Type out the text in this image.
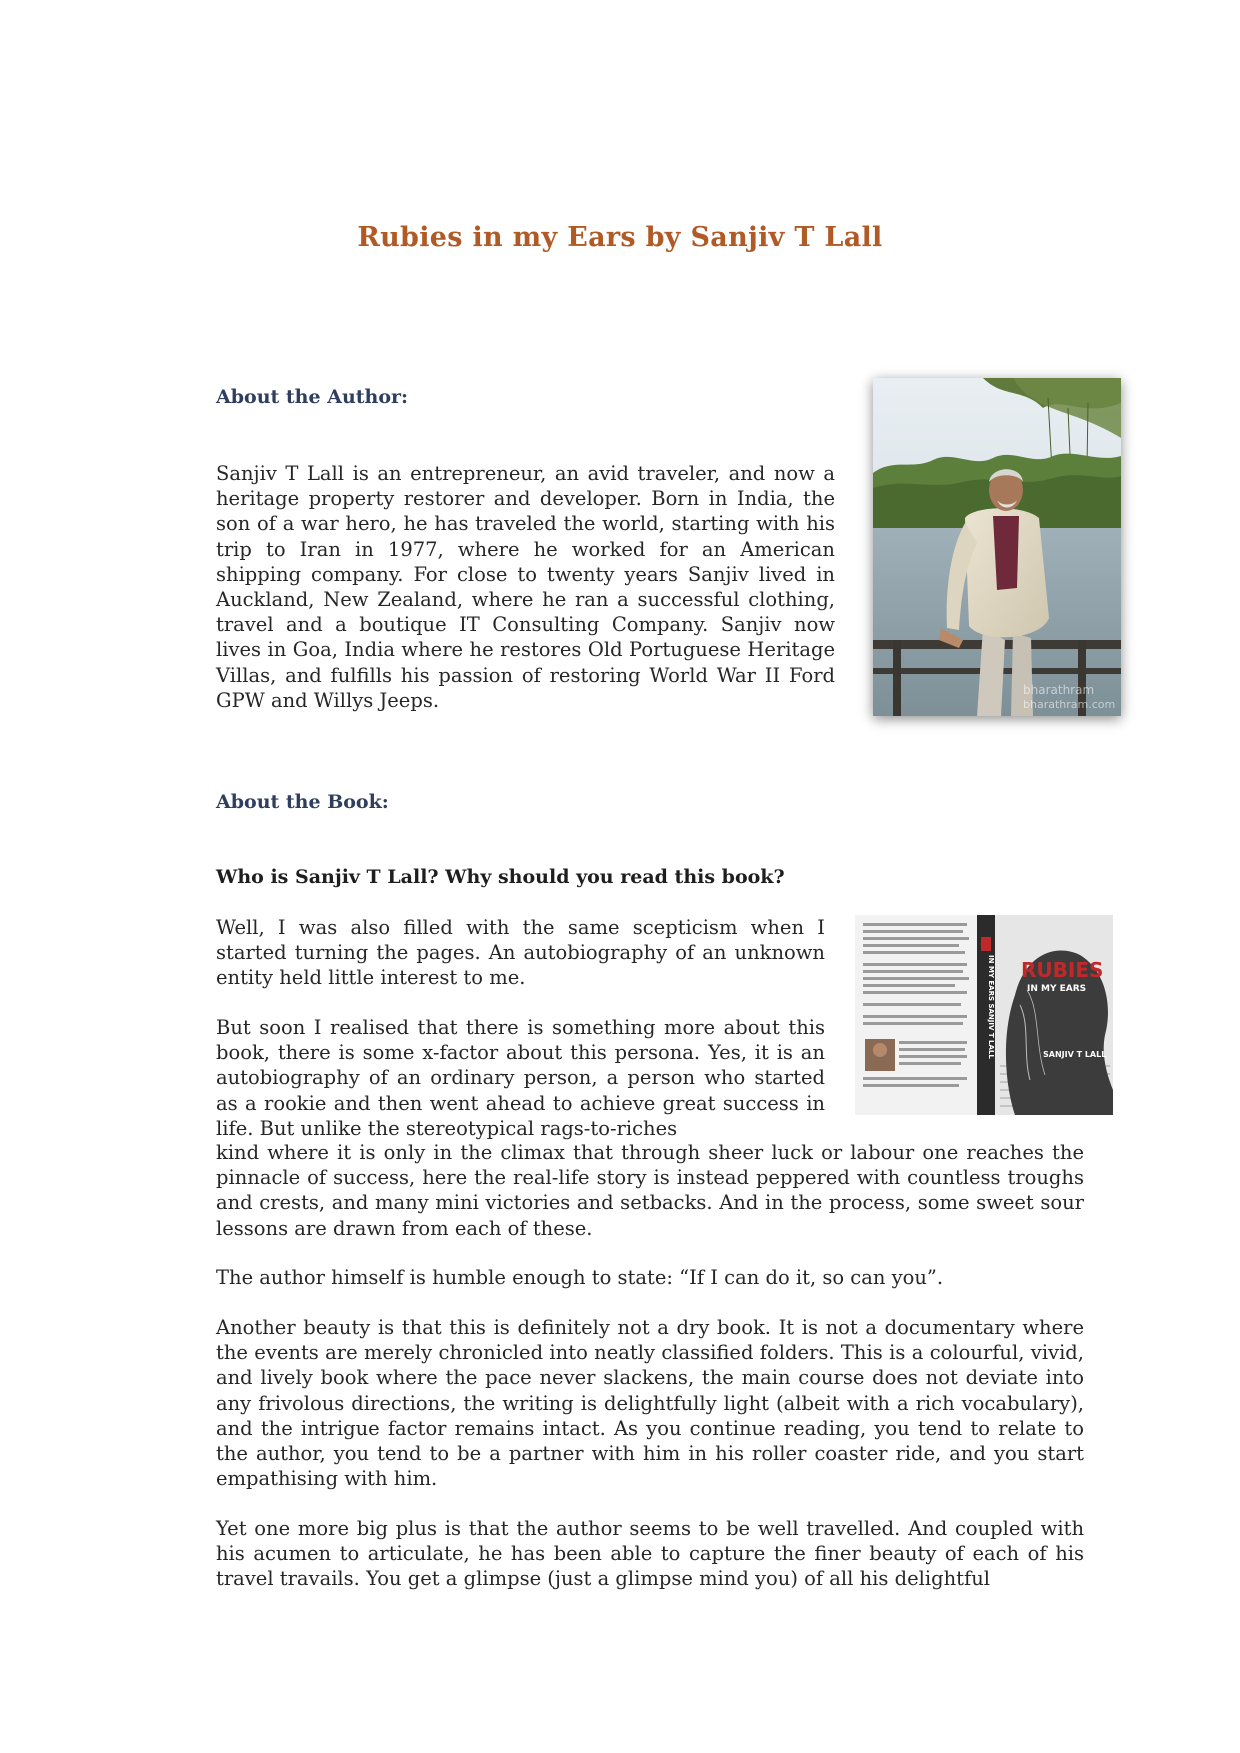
Rubies in my Ears by Sanjiv T Lall
About the Author:

Sanjiv T Lall is an entrepreneur, an avid traveler, and now a heritage property restorer and developer. Born in India, the son of a war hero, he has traveled the world, starting with his trip to Iran in 1977, where he worked for an American shipping company. For close to twenty years Sanjiv lived in Auckland, New Zealand, where he ran a successful clothing, travel and a boutique IT Consulting Company. Sanjiv now lives in Goa, India where he restores Old Portuguese Heritage Villas, and fulfills his passion of restoring World War II Ford GPW and Willys Jeeps.	bharathram
bharathram.com
About the Book:
Who is Sanjiv T Lall? Why should you read this book?

Well, I was also filled with the same scepticism when I started turning the pages. An autobiography of an unknown entity held little interest to me.

But soon I realised that there is something more about this book, there is some x-factor about this persona. Yes, it is an autobiography of an ordinary person, a person who started as a rookie and then went ahead to achieve great success in life. But unlike the stereotypical rags-to-riches

kind where it is only in the climax that through sheer luck or labour one reaches the pinnacle of success, here the real-life story is instead peppered with countless troughs and crests, and many mini victories and setbacks. And in the process, some sweet sour lessons are drawn from each of these.

The author himself is humble enough to state: “If I can do it, so can you”.

Another beauty is that this is definitely not a dry book. It is not a documentary where the events are merely chronicled into neatly classified folders. This is a colourful, vivid, and lively book where the pace never slackens, the main course does not deviate into any frivolous directions, the writing is delightfully light (albeit with a rich vocabulary), and the intrigue factor remains intact. As you continue reading, you tend to relate to the author, you tend to be a partner with him in his roller coaster ride, and you start empathising with him.

Yet one more big plus is that the author seems to be well travelled. And coupled with his acumen to articulate, he has been able to capture the finer beauty of each of his travel travails. You get a glimpse (just a glimpse mind you) of all his delightful

IN MY EARS SANJIV T LALL RUBIES
IN MY EARS
SANJIV T LALL
